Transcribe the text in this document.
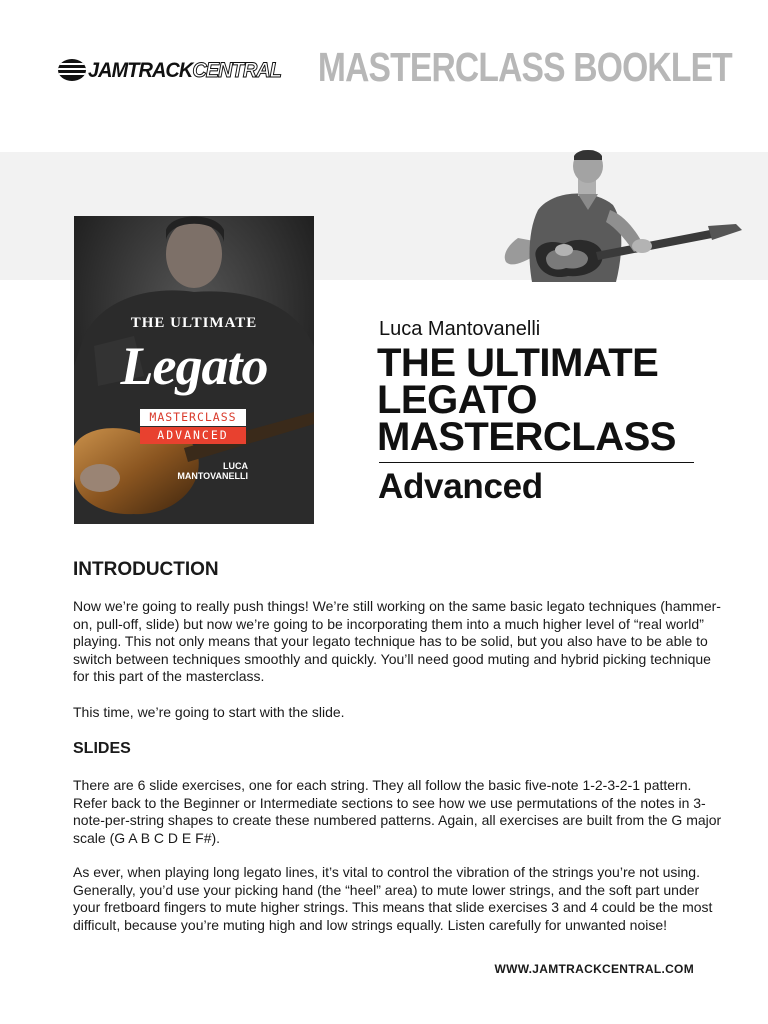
JAMTRACKCENTRAL MASTERCLASS BOOKLET
THE ULTIMATE
Legato
MASTERCLASS
ADVANCED
LUCA
MANTOVANELLI
Luca Mantovanelli
THE ULTIMATE
LEGATO
MASTERCLASS
Advanced
INTRODUCTION

Now we’re going to really push things! We’re still working on the same basic legato techniques (hammer-on, pull-off, slide) but now we’re going to be incorporating them into a much higher level of “real world” playing. This not only means that your legato technique has to be solid, but you also have to be able to switch between techniques smoothly and quickly. You’ll need good muting and hybrid picking technique for this part of the masterclass.

This time, we’re going to start with the slide.

SLIDES

There are 6 slide exercises, one for each string. They all follow the basic five-note 1-2-3-2-1 pattern. Refer back to the Beginner or Intermediate sections to see how we use permutations of the notes in 3-note-per-string shapes to create these numbered patterns. Again, all exercises are built from the G major scale (G A B C D E F#).

As ever, when playing long legato lines, it’s vital to control the vibration of the strings you’re not using. Generally, you’d use your picking hand (the “heel” area) to mute lower strings, and the soft part under your fretboard fingers to mute higher strings. This means that slide exercises 3 and 4 could be the most difficult, because you’re muting high and low strings equally. Listen carefully for unwanted noise!

WWW.JAMTRACKCENTRAL.COM
